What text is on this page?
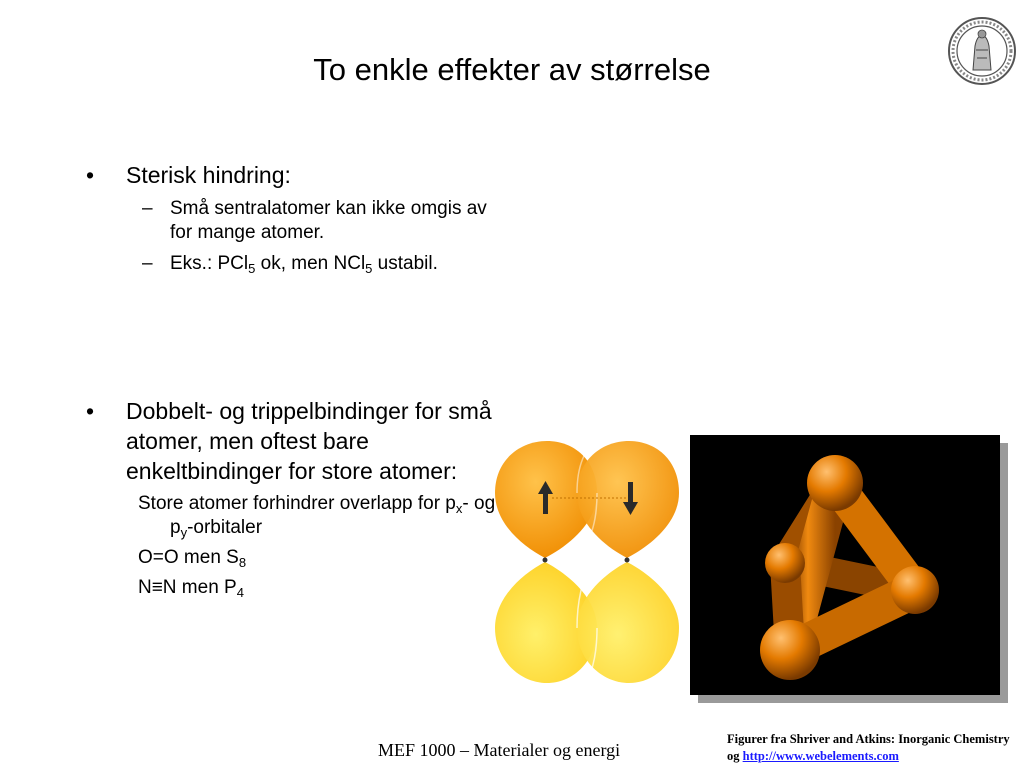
To enkle effekter av størrelse
• Sterisk hindring:
– Små sentralatomer kan ikke omgis av for mange atomer.
– Eks.: PCl$_5$ ok, men NCl$_5$ ustabil.
• Dobbelt- og trippelbindinger for små atomer, men oftest bare enkeltbindinger for store atomer:
Store atomer forhindrer overlapp for $p_x-$ og $p_y$-orbitaler
O=O men $S_8$
N≡N men $P_4$
MEF 1000 – Materialer og energi
Figurer fra Shriver and Atkins: Inorganic Chemistry og http://www.webelements.com
